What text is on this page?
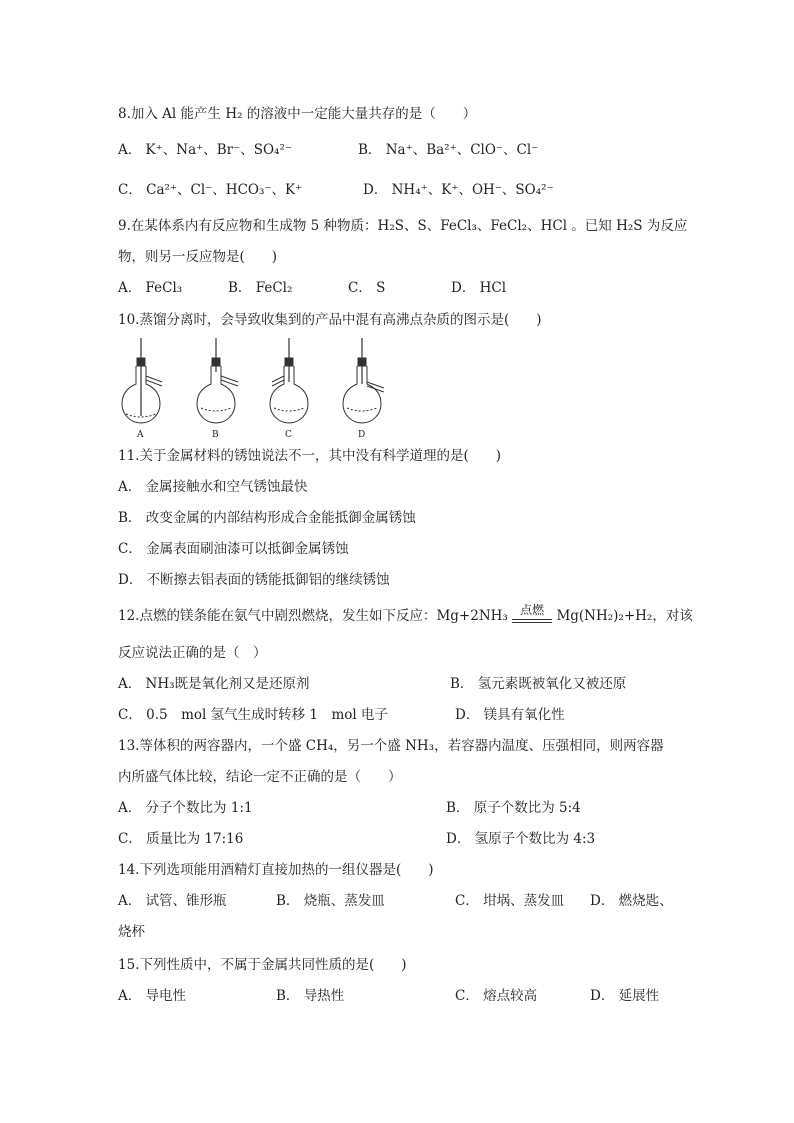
8.加入 Al 能产生 H₂ 的溶液中一定能大量共存的是（　　）
A． K⁺、Na⁺、Br⁻、SO₄²⁻	B． Na⁺、Ba²⁺、ClO⁻、Cl⁻
C． Ca²⁺、Cl⁻、HCO₃⁻、K⁺	D． NH₄⁺、K⁺、OH⁻、SO₄²⁻
9.在某体系内有反应物和生成物 5 种物质：H₂S、S、FeCl₃、FeCl₂、HCl 。已知 H₂S 为反应
物，则另一反应物是(　　)
A． FeCl₃	B． FeCl₂	C． S	D． HCl
10.蒸馏分离时，会导致收集到的产品中混有高沸点杂质的图示是(　　)
A	B	C	D
11.关于金属材料的锈蚀说法不一，其中没有科学道理的是(　　)
A． 金属接触水和空气锈蚀最快
B． 改变金属的内部结构形成合金能抵御金属锈蚀
C． 金属表面刷油漆可以抵御金属锈蚀
D． 不断擦去铝表面的锈能抵御铝的继续锈蚀
12.点燃的镁条能在氨气中剧烈燃烧，发生如下反应：Mg+2NH₃ 点燃 Mg(NH₂)₂+H₂，对该
反应说法正确的是（　）
A． NH₃既是氧化剂又是还原剂	B． 氢元素既被氧化又被还原
C． 0.5　mol 氢气生成时转移 1　mol 电子	D． 镁具有氧化性
13.等体积的两容器内，一个盛 CH₄，另一个盛 NH₃，若容器内温度、压强相同，则两容器
内所盛气体比较，结论一定不正确的是（　　）
A． 分子个数比为 1:1	B． 原子个数比为 5:4
C． 质量比为 17:16	D． 氢原子个数比为 4:3
14.下列选项能用酒精灯直接加热的一组仪器是(　　)
A． 试管、锥形瓶	B． 烧瓶、蒸发皿	C． 坩埚、蒸发皿 D． 燃烧匙、
烧杯
15.下列性质中，不属于金属共同性质的是(　　)
A． 导电性	B． 导热性	C． 熔点较高	D． 延展性
